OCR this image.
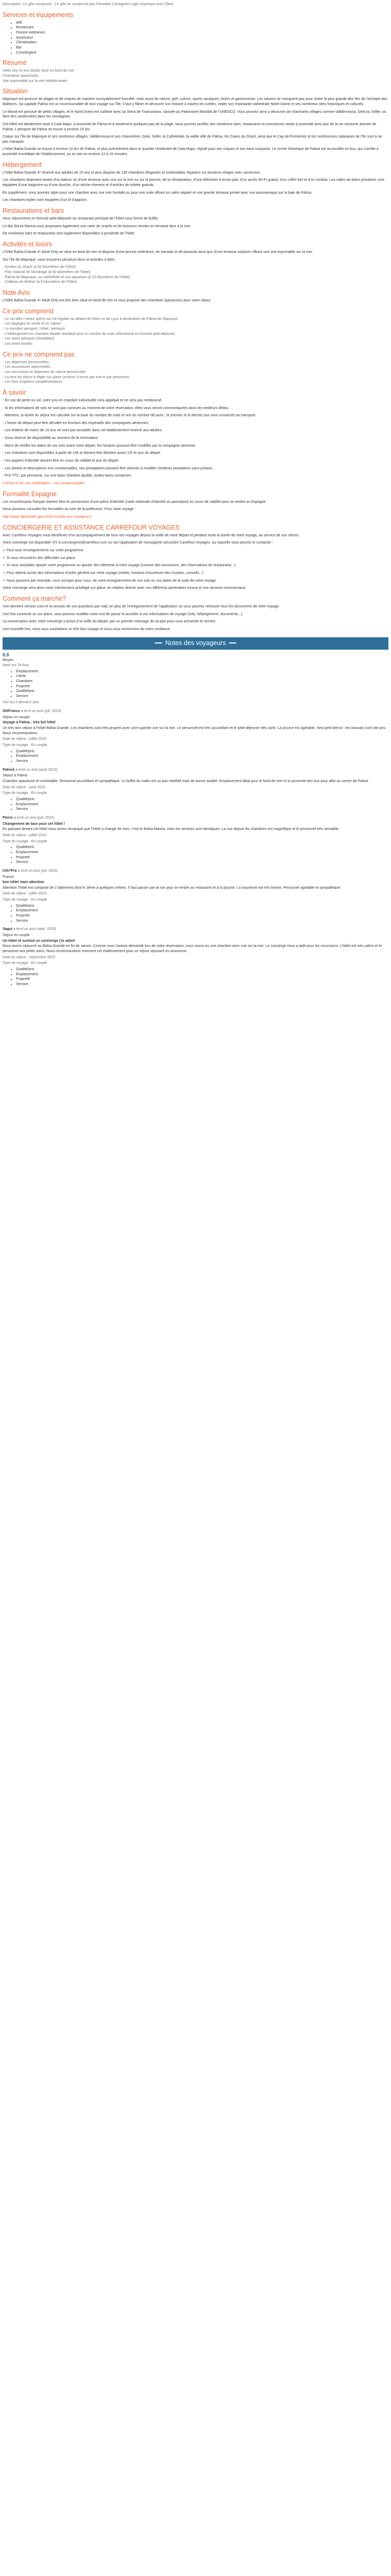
Description: Ce gîte comprend : Ce gîte ne comprend pas Formalité Consignée Logis Impotsion Avis Client

Services et équipements
• Wifi
• Restaurant
• Piscine extérieure
• Ascenseur
• Climatisation
• Bar
• Conciergerie
Résumé
Hôtel chic et eco adulte situé en bord de mer
Chambres spacieuses
Vue imprenable sur la mer Méditerranée
Situation

Majorque est pourvue de plages et de criques de manière incroyablement honnête, mais aussi de nature, golf, culture, sports nautiques, loisirs et gastronomie. Les raisons ne manquent pas pour visiter la plus grande des îles de l’archipel des Baléares. Sa capitale Palma est un incontournable de tout voyage sur l’île, il faut y flâner et découvrir son histoire à travers les ruelles, visiter son imposante cathédrale Notre-Dame et ses nombreux sites historiques et culturels.

Le littoral est ponctué de petits villages, et le Nord-Ouest est sublime avec sa Serra de Tramuntana, classée au Patrimoine Mondial de l’UNESCO. Vous pourrez ainsi y découvrir de charmants villages comme Valldemossa, Deià ou Sóller, ou faire des randonnées dans les montagnes.

Cet hôtel est idéalement situé à Cala Major, à proximité de Palma et à seulement quelques pas de la plage. Vous pourrez profiter des nombreux bars, restaurants et commerces situés à proximité ainsi que de la vie nocturne animée de Palma. L’aéroport de Palma se trouve à environ 15 km.

Coque sur l’île de Majorque et ses nombreux villages, Valldemossa et ses chaumières, Deià, Sóller, la Cathédrale, la vieille ville de Palma, les Caves du Drach, ainsi que le Cap de Formentor et les nombreuses calanques de l’île sont à ne pas manquer.

L’hôtel Bahia Grande se trouve à environ 10 km de Palma, et plus précisément dans le quartier résidentiel de Cala Major, réputé pour ses criques et ses eaux turquoise. Le centre historique de Palma est accessible en bus, qui s’arrête à proximité immédiate de l’établissement, ou en taxi en environ 10 à 15 minutes.

Hébergement

L’hôtel Bahia Grande 4* réservé aux adultes de 16 ans et plus dispose de 135 chambres élégantes et confortables réparties sur plusieurs étages avec ascenseur.

Les chambres disposent toutes d’un balcon ou d’une terrasse avec vue sur la mer ou sur la piscine, de la climatisation, d’une télévision à écran plat, d’un accès Wi-Fi gratuit, d’un coffre-fort et d’un minibar. Les salles de bains privatives sont équipées d’une baignoire ou d’une douche, d’un sèche-cheveux et d’articles de toilette gratuits.

En supplément, vous pourrez opter pour une chambre avec vue mer frontale ou pour une suite offrant un salon séparé et une grande terrasse privée avec vue panoramique sur la baie de Palma.

Les chambres triples sont équipées d’un lit d’appoint.

Restaurations et bars

Vous séjournerez en formule petit-déjeuner au restaurant principal de l’hôtel sous forme de buffet.

Le Bar Bonia Marina vous proposera également une carte de snacks et de boissons servies en terrasse face à la mer.

De nombreux bars et restaurants sont également disponibles à proximité de l’hôtel.

Activités et loisirs

L’hôtel Bahia Grande 4* Adult Only se situe en bord de mer et dispose d’une piscine extérieure, de transats et de parasols ainsi que d’une terrasse solarium offrant une vue imprenable sur la mer.

Sur l’île de Majorque, vous trouverez plusieurs lieux et activités à faire :

· Grottes du Drach (à 60 kilomètres de l’hôtel)
· Parc Natural de Mondragó (à 60 kilomètres de l’hôtel)
· Palma de Majorque, sa cathédrale et son aquarium (à 10 kilomètres de l’hôtel)
· Château de Bellver (à 5 kilomètres de l’hôtel)
Note Avis

L’hôtel Bahia Grande 4* Adult Only est très bien situé en bord de mer et vous propose des chambres spacieuses pour votre séjour.

Ce prix comprend
- Le vol aller / retour opéré sur vol régulier au départ de Paris ou de Lyon à destination de Palma de Majorque
- Les bagages en soute et en cabine
- Le transfert aéroport / hôtel / aéroport
- L’hébergement en chambre double standard pour le nombre de nuits sélectionné en formule petit-déjeuner
- Les taxes aéroport (révisables)
- Les taxes locales
Ce prix ne comprend pas
- Les dépenses personnelles
- Les assurances optionnelles
- Les excursions et dépenses de nature personnelle
- La taxe de séjour à régler sur place (environ 3 euros par nuit et par personne)
- Les frais d’options complémentaires
À savoir

- En cas de perte ou vol, votre prix en chambre individuelle sera appliqué et ne sera pas remboursé.

- Si les informations de vols ne sont pas connues au moment de votre réservation, elles vous seront communiquées dans les meilleurs délais.

- Attention, la durée du séjour est calculée sur la base du nombre de nuits et non du nombre de jours : le premier et le dernier jour sont consacrés au transport.

- L’heure de départ peut être décalée en fonction des impératifs des compagnies aériennes.

- Les enfants de moins de 16 ans ne sont pas acceptés dans cet établissement réservé aux adultes.

- Sous réserve de disponibilité au moment de la réservation.

- Merci de vérifier les dates de vos vols avant votre départ, les horaires pouvant être modifiés par la compagnie aérienne.

- Les chambres sont disponibles à partir de 14h et doivent être libérées avant 12h le jour du départ.

- Vos papiers d’identité doivent être en cours de validité le jour du départ.

- Les photos et descriptions non contractuelles, nos prestataires pouvant être amenés à modifier certaines prestations sans préavis.

- Prix TTC, par personne, sur une base chambre double, toutes taxes comprises.

Crèche et lits non modifiables – non remboursables

Formalité Espagne

Les ressortissants français doivent être en possession d’une pièce d’identité (carte nationale d’identité ou passeport) en cours de validité pour se rendre en Espagne.

Nous pouvons consulter les formalités au sein de la préfecture. Pour votre voyage :

http://www.diplomatie.gouv.fr/fr/conseils-aux-voyageurs/

CONCIERGERIE ET ASSISTANCE CARREFOUR VOYAGES

Avec Carrefour Voyages vous bénéficiez d’un accompagnement de tous vos voyages depuis la veille de votre départ et pendant toute la durée de votre voyage, au service de nos clients.

Votre concierge est disponible 7j/7 à conciergerie@carrefour.com ou via l’application de messagerie sécurisée Carrefour Voyages, sur laquelle vous pouvez le contacter :

✓ Pour tous renseignements sur votre programme

✓ Si vous rencontrez des difficultés sur place

✓ Si vous souhaitez ajouter votre programme ou ajouter des éléments à votre voyage (comme des excursions, des réservations de restaurants...)

✓ Pour obtenir accès des informations d’ordre général sur votre voyage (météo, horaires d’ouverture des musées, conseils...)

✓ Nous pouvons par exemple, vous occuper pour vous, de votre enregistrement de vos vols ou vos dates de la suite de votre voyage.

Votre concierge sera alors votre interlocuteur privilégié sur place, en relation directe avec nos différents partenaires locaux et nos services commerciaux.

Comment ça marche?

Une dernière version suivi et la session de vos questions par mail, en plus de l’enregistrement de l’application où vous pourrez retrouver tous les documents de votre voyage.

Une fois connecté ou sur place, vous pourrez modifier votre mot de passe et accéder à vos informations de voyage (vols, hébergement, documents...).

La conversation avec votre concierge s’active à la veille du départ, par un premier message de sa part pour vous présenter le service.

Une nouvelle fois, nous vous souhaitons un très bon voyage et nous vous remercions de votre confiance.

Notes des voyageurs

8,8

Moyen

basé sur 78 Avis

• Emplacement
• Literie
• Chambres
• Propreté
• Qualité/prix
• Service

Voir les 5 derniers avis

StéFrance a écrit un avis (juil. 2023)

Séjour en couple

Voyage à Palma : très bel hôtel

Un très bon séjour à l’hôtel Bahia Grande. Les chambres sont très propres avec une superbe vue sur la mer. Le personnel est très accueillant et le petit-déjeuner très varié. La piscine est agréable. Seul petit bémol : les transats sont vite pris. Nous recommandons.

Date du séjour : juillet 2023

Type de voyage : En couple

• Qualité/prix
• Emplacement
• Service

Patrick a écrit un avis (août 2023)

Séjour à Palma

Chambre spacieuse et confortable. Personnel accueillant et sympathique. Le buffet du matin est un peu répétitif mais de bonne qualité. Emplacement idéal pour le bord de mer et la proximité des bus pour aller au centre de Palma.

Date du séjour : août 2023

Type de voyage : En couple

• Qualité/prix
• Emplacement
• Service

Pierre a écrit un avis (juin 2023)

Changement de taxe pour cet hôtel !

En passant devant cet hôtel nous avons remarqué que l’hôtel a changé de nom, c’est le Bahia Marina, mais les services sont identiques. La vue depuis les chambres est magnifique et le personnel très serviable.

Date du séjour : juillet 2023

Type de voyage : En couple

• Qualité/prix
• Emplacement
• Propreté
• Service

Clér*Fra a écrit un avis (juil. 2023)

France

bon hôtel mais attention

Attention l’hôtel est composé de 2 bâtiments dont le 2ème à quelques mètres. Il faut passer par la rue pour se rendre au restaurant et à la piscine. La nourriture est très bonne. Personnel agréable et sympathique.

Date du séjour : juillet 2023

Type de voyage : En couple

• Qualité/prix
• Emplacement
• Propreté
• Service

Sagui a écrit un avis (sept. 2023)

Séjour en couple

Un hôtel et surtout un concierge j’ai adoré

Nous avons séjourné au Bahia Grande en fin de saison. Comme nous l’avions demandé lors de notre réservation, nous avons eu une chambre avec vue sur la mer. Le concierge nous a aidé pour les excursions. L’hôtel est très calme et le personnel aux petits soins. Nous recommandons vivement cet établissement pour un séjour reposant en amoureux.

Date du séjour : septembre 2023

Type de voyage : En couple

• Qualité/prix
• Emplacement
• Propreté
• Service
